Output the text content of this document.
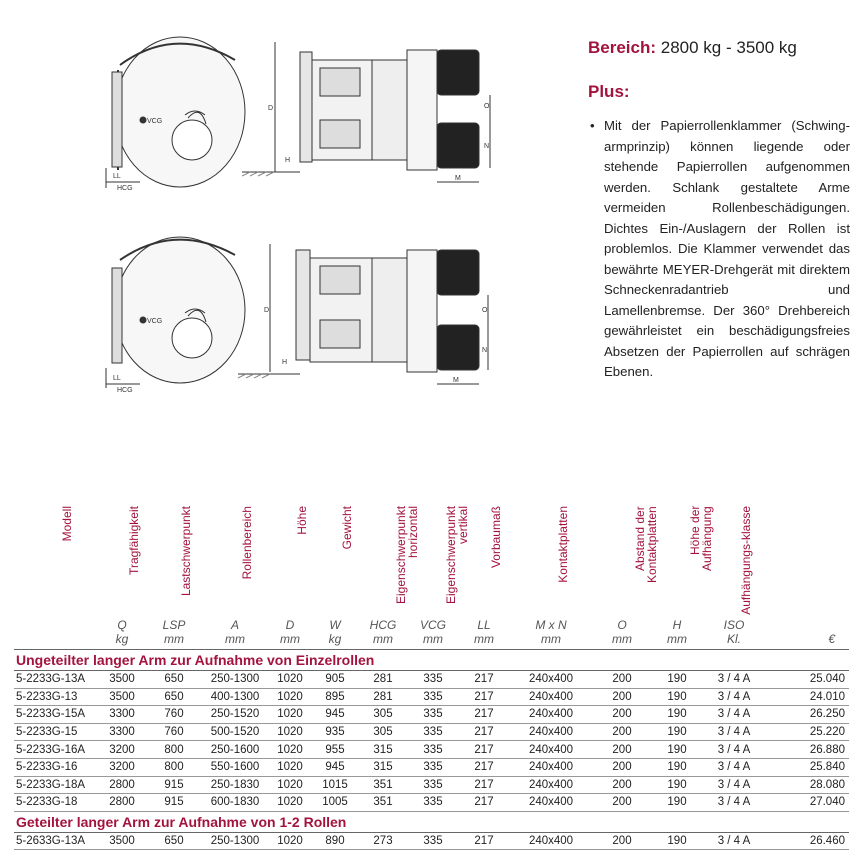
VCG
D
H
LL
HCG
O
N
M
VCG
D
H
LL
HCG
O
N
M
Bereich: 2800 kg - 3500 kg
Plus:
• Mit der Papierrollenklammer (Schwing-armprinzip) können liegende oder stehende Papierrollen aufgenommen werden. Schlank gestaltete Arme vermeiden Rollenbeschädigungen. Dichtes Ein-/Auslagern der Rollen ist problemlos. Die Klammer verwendet das bewährte MEYER-Drehgerät mit direktem Schneckenradantrieb und Lamellenbremse. Der 360° Drehbereich gewährleistet ein beschädigungsfreies Absetzen der Papierrollen auf schrägen Ebenen.
Modell	Tragfähigkeit	Lastschwerpunkt	Rollenbereich	Höhe	Gewicht	Eigenschwerpunkt horizontal	Eigenschwerpunkt vertikal	Vorbaumaß	Kontaktplatten	Abstand der Kontaktplatten	Höhe der Aufhängung	Aufhängungs-klasse	

	Q	LSP	A	D	W	HCG	VCG	LL	M x N	O	H	ISO	
	kg	mm	mm	mm	kg	mm	mm	mm	mm	mm	mm	Kl.	€
Ungeteilter langer Arm zur Aufnahme von Einzelrollen													
5-2233G-13A	3500	650	250-1300	1020	905	281	335	217	240x400	200	190	3 / 4 A	25.040
5-2233G-13	3500	650	400-1300	1020	895	281	335	217	240x400	200	190	3 / 4 A	24.010
5-2233G-15A	3300	760	250-1520	1020	945	305	335	217	240x400	200	190	3 / 4 A	26.250
5-2233G-15	3300	760	500-1520	1020	935	305	335	217	240x400	200	190	3 / 4 A	25.220
5-2233G-16A	3200	800	250-1600	1020	955	315	335	217	240x400	200	190	3 / 4 A	26.880
5-2233G-16	3200	800	550-1600	1020	945	315	335	217	240x400	200	190	3 / 4 A	25.840
5-2233G-18A	2800	915	250-1830	1020	1015	351	335	217	240x400	200	190	3 / 4 A	28.080
5-2233G-18	2800	915	600-1830	1020	1005	351	335	217	240x400	200	190	3 / 4 A	27.040
Geteilter langer Arm zur Aufnahme von 1-2 Rollen													
5-2633G-13A	3500	650	250-1300	1020	890	273	335	217	240x400	200	190	3 / 4 A	26.460
